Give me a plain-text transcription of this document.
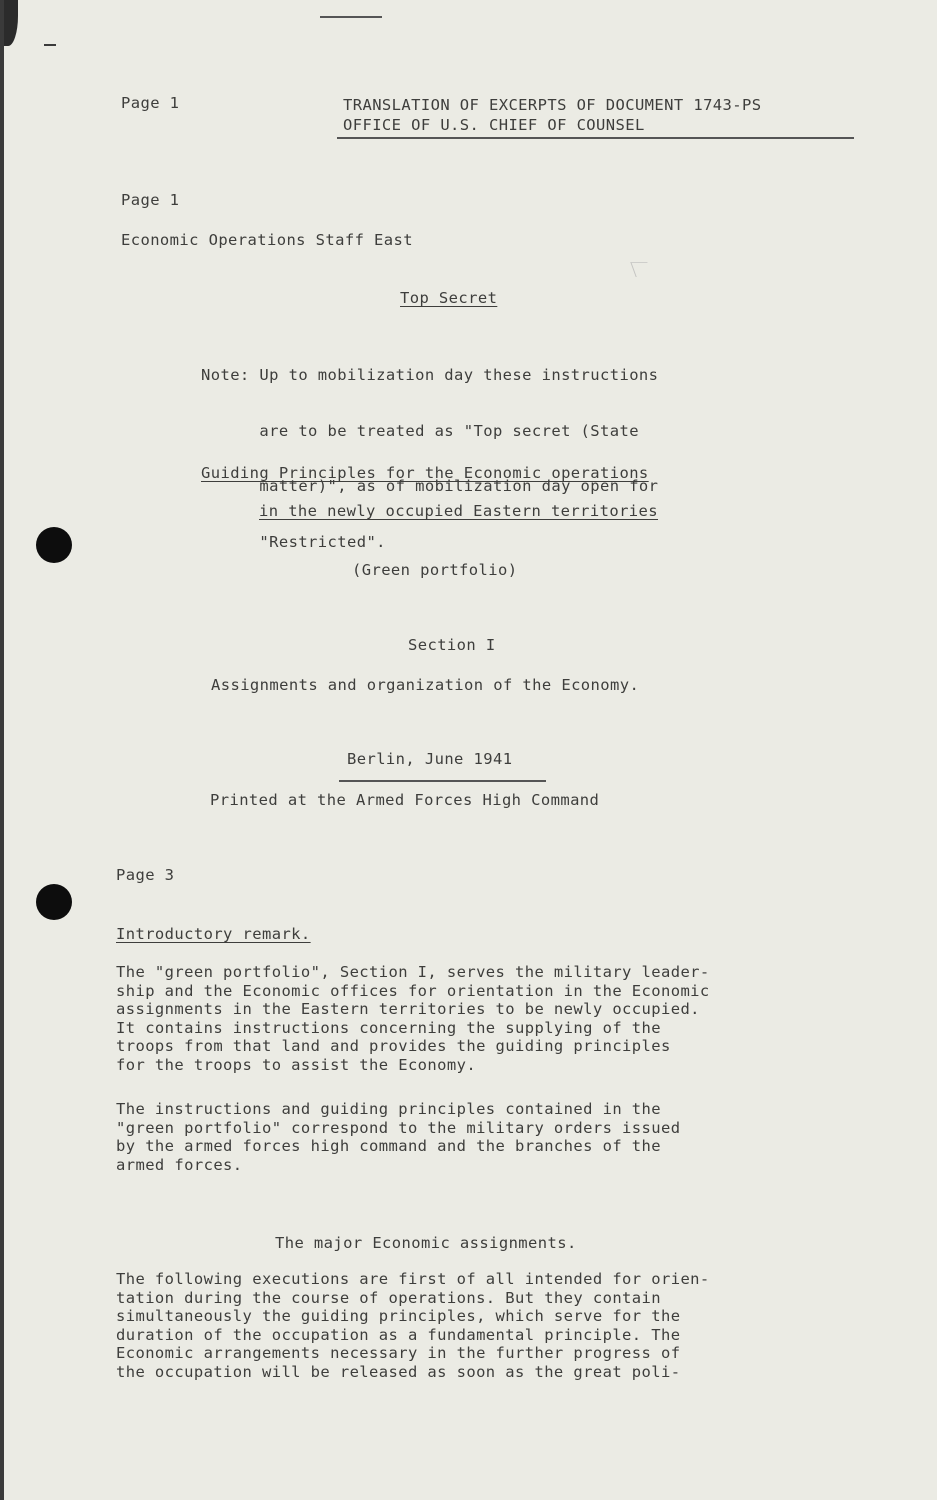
Page 1	TRANSLATION OF EXCERPTS OF DOCUMENT 1743-PS

OFFICE OF U.S. CHIEF OF COUNSEL

Page 1

Economic Operations Staff East

Top Secret

Note: Up to mobilization day these instructions

are to be treated as "Top secret (State

matter)", as of mobilization day open for

"Restricted".

Guiding Principles for the Economic operations

in the newly occupied Eastern territories

(Green portfolio)

Section I

Assignments and organization of the Economy.

Berlin, June 1941

Printed at the Armed Forces High Command

Page 3

Introductory remark.

The "green portfolio", Section I, serves the military leader-
ship and the Economic offices for orientation in the Economic
assignments in the Eastern territories to be newly occupied.
It contains instructions concerning the supplying of the
troops from that land and provides the guiding principles
for the troops to assist the Economy.
The instructions and guiding principles contained in the
"green portfolio" correspond to the military orders issued
by the armed forces high command and the branches of the
armed forces.

The major Economic assignments.

The following executions are first of all intended for orien-
tation during the course of operations. But they contain
simultaneously the guiding principles, which serve for the
duration of the occupation as a fundamental principle. The
Economic arrangements necessary in the further progress of
the occupation will be released as soon as the great poli-
